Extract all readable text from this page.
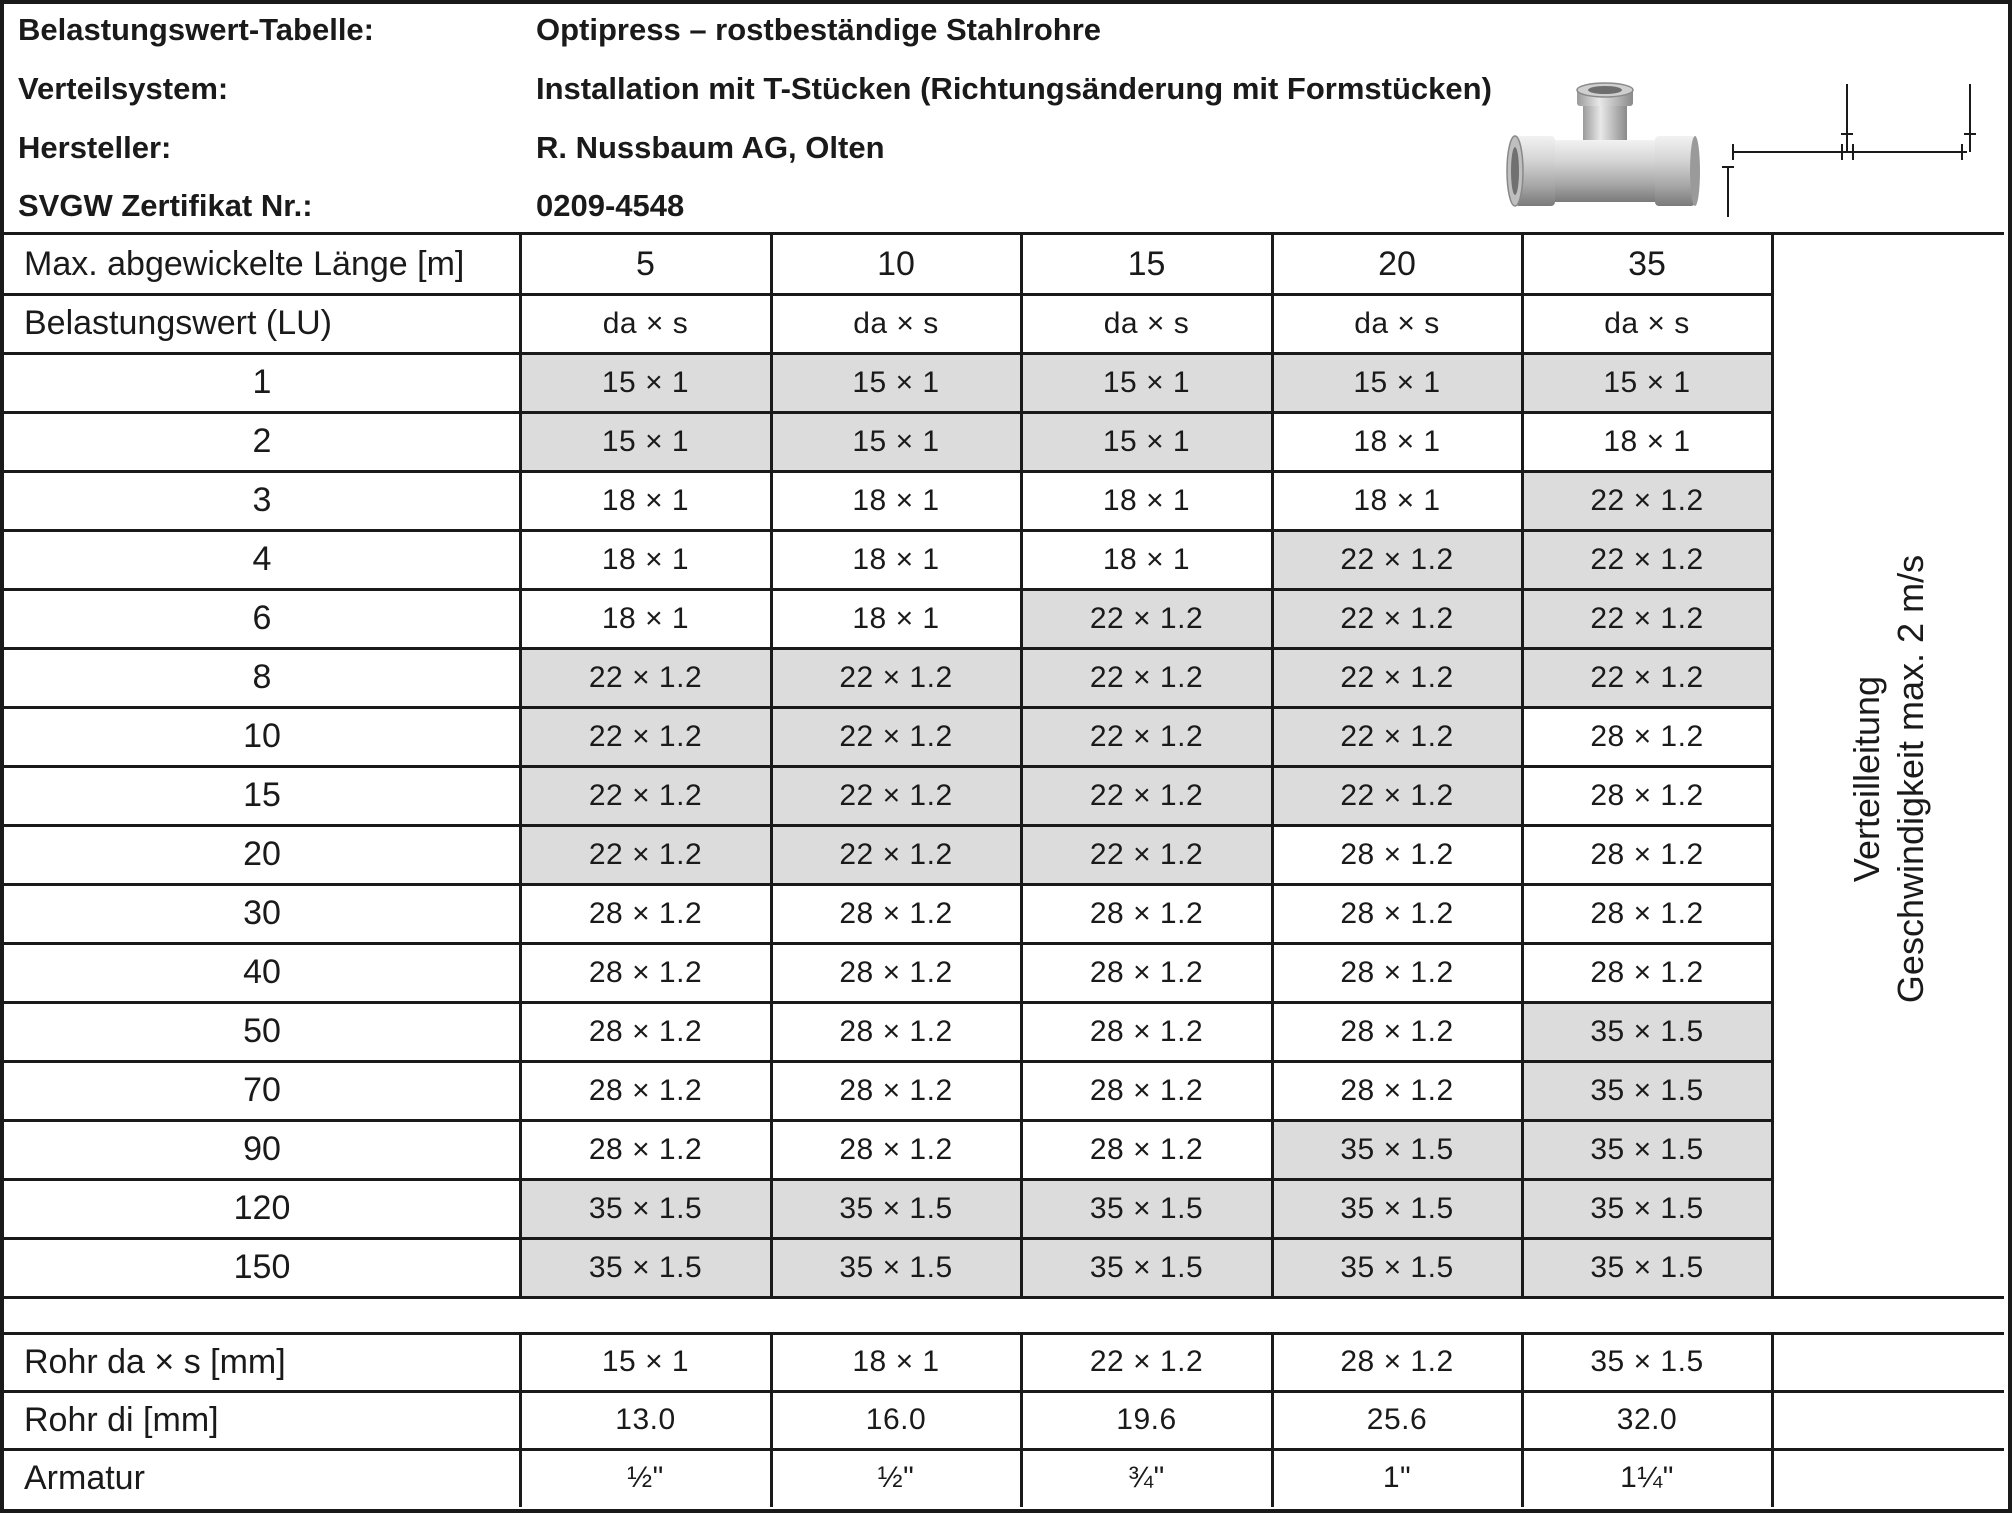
Belastungswert-Tabelle:	Optipress – rostbeständige Stahlrohre
Verteilsystem:	Installation mit T-Stücken (Richtungsänderung mit Formstücken)
Hersteller:	R. Nussbaum AG, Olten
SVGW Zertifikat Nr.:	0209-4548
Max. abgewickelte Länge [m]	5	10	15	20	35
Belastungswert (LU)	da × s	da × s	da × s	da × s	da × s
1	15 × 1	15 × 1	15 × 1	15 × 1	15 × 1
2	15 × 1	15 × 1	15 × 1	18 × 1	18 × 1
3	18 × 1	18 × 1	18 × 1	18 × 1	22 × 1.2
4	18 × 1	18 × 1	18 × 1	22 × 1.2	22 × 1.2
6	18 × 1	18 × 1	22 × 1.2	22 × 1.2	22 × 1.2
8	22 × 1.2	22 × 1.2	22 × 1.2	22 × 1.2	22 × 1.2
10	22 × 1.2	22 × 1.2	22 × 1.2	22 × 1.2	28 × 1.2
15	22 × 1.2	22 × 1.2	22 × 1.2	22 × 1.2	28 × 1.2
20	22 × 1.2	22 × 1.2	22 × 1.2	28 × 1.2	28 × 1.2
30	28 × 1.2	28 × 1.2	28 × 1.2	28 × 1.2	28 × 1.2
40	28 × 1.2	28 × 1.2	28 × 1.2	28 × 1.2	28 × 1.2
50	28 × 1.2	28 × 1.2	28 × 1.2	28 × 1.2	35 × 1.5
70	28 × 1.2	28 × 1.2	28 × 1.2	28 × 1.2	35 × 1.5
90	28 × 1.2	28 × 1.2	28 × 1.2	35 × 1.5	35 × 1.5
120	35 × 1.5	35 × 1.5	35 × 1.5	35 × 1.5	35 × 1.5
150	35 × 1.5	35 × 1.5	35 × 1.5	35 × 1.5	35 × 1.5
Rohr da × s [mm]	15 × 1	18 × 1	22 × 1.2	28 × 1.2	35 × 1.5
Rohr di [mm]	13.0	16.0	19.6	25.6	32.0
Armatur	½"	½"	¾"	1"	1¼"
Verteilleitung Geschwindigkeit max. 2 m/s
